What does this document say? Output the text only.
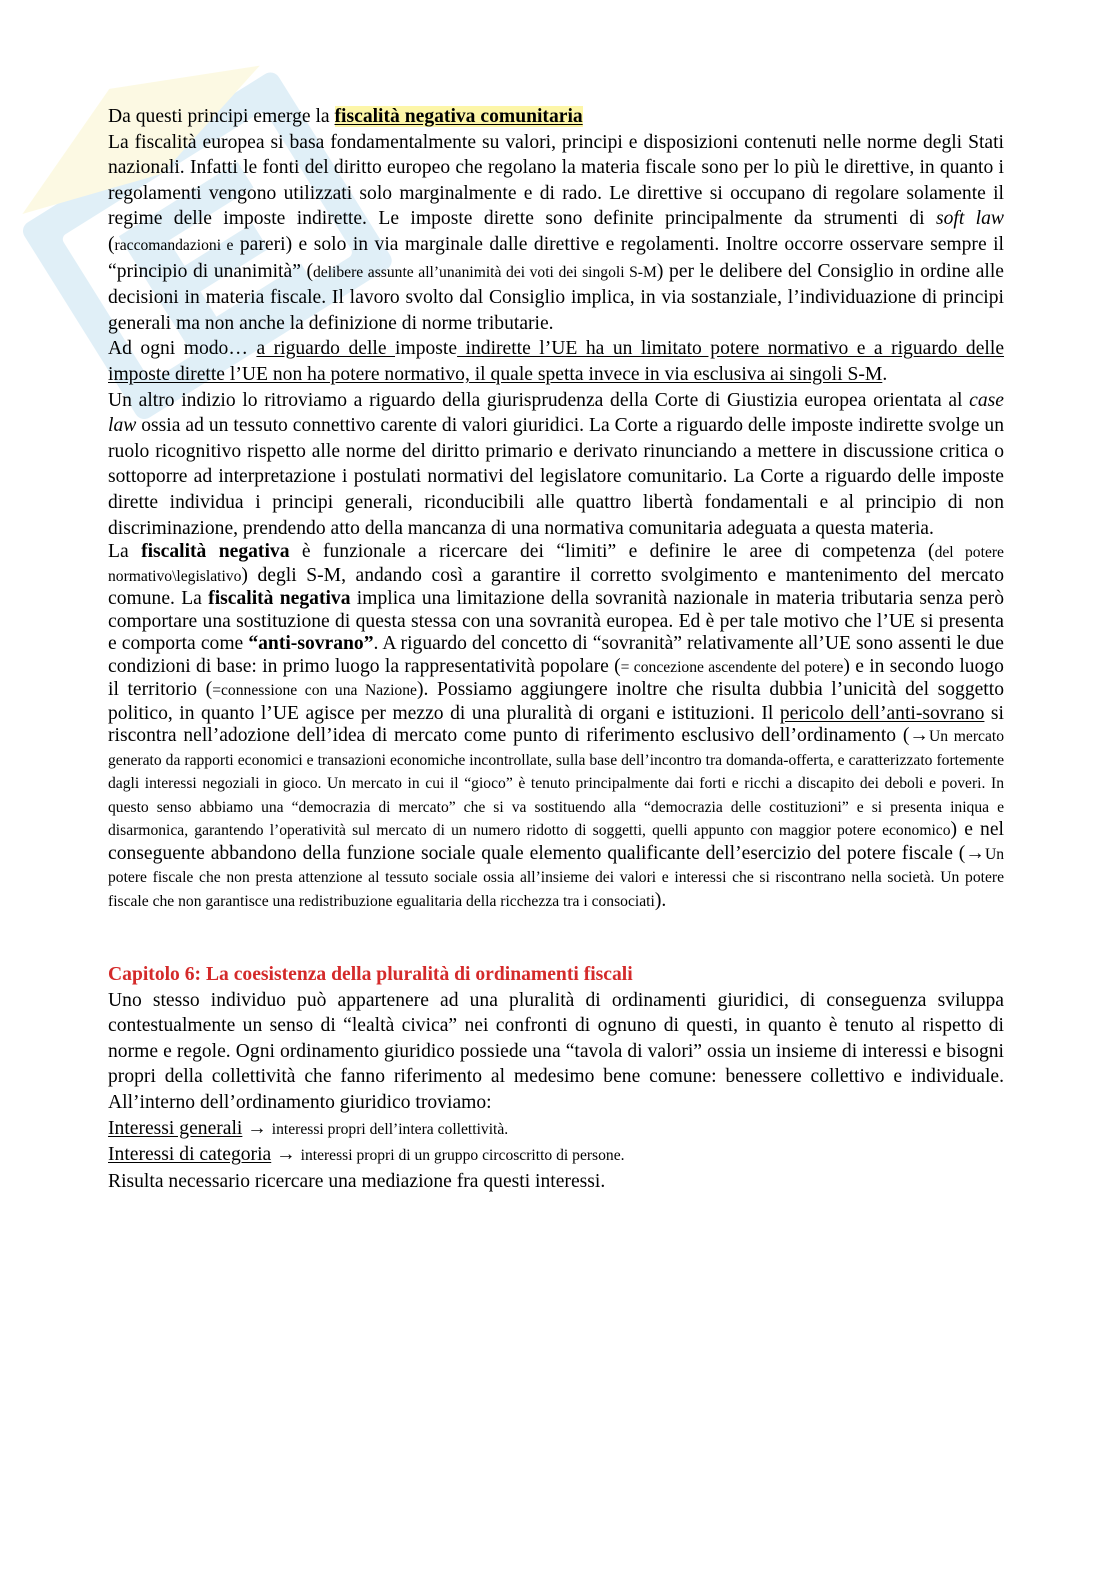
Da questi principi emerge la fiscalità negativa comunitaria

La fiscalità europea si basa fondamentalmente su valori, principi e disposizioni contenuti nelle norme degli Stati nazionali. Infatti le fonti del diritto europeo che regolano la materia fiscale sono per lo più le direttive, in quanto i regolamenti vengono utilizzati solo marginalmente e di rado. Le direttive si occupano di regolare solamente il regime delle imposte indirette. Le imposte dirette sono definite principalmente da strumenti di soft law (raccomandazioni e pareri) e solo in via marginale dalle direttive e regolamenti. Inoltre occorre osservare sempre il “principio di unanimità” (delibere assunte all’unanimità dei voti dei singoli S-M) per le delibere del Consiglio in ordine alle decisioni in materia fiscale. Il lavoro svolto dal Consiglio implica, in via sostanziale, l’individuazione di principi generali ma non anche la definizione di norme tributarie.

Ad ogni modo… a riguardo delle imposte indirette l’UE ha un limitato potere normativo e a riguardo delle imposte dirette l’UE non ha potere normativo, il quale spetta invece in via esclusiva ai singoli S-M.

Un altro indizio lo ritroviamo a riguardo della giurisprudenza della Corte di Giustizia europea orientata al case law ossia ad un tessuto connettivo carente di valori giuridici. La Corte a riguardo delle imposte indirette svolge un ruolo ricognitivo rispetto alle norme del diritto primario e derivato rinunciando a mettere in discussione critica o sottoporre ad interpretazione i postulati normativi del legislatore comunitario. La Corte a riguardo delle imposte dirette individua i principi generali, riconducibili alle quattro libertà fondamentali e al principio di non discriminazione, prendendo atto della mancanza di una normativa comunitaria adeguata a questa materia.

La fiscalità negativa è funzionale a ricercare dei “limiti” e definire le aree di competenza (del potere normativo\legislativo) degli S-M, andando così a garantire il corretto svolgimento e mantenimento del mercato comune. La fiscalità negativa implica una limitazione della sovranità nazionale in materia tributaria senza però comportare una sostituzione di questa stessa con una sovranità europea. Ed è per tale motivo che l’UE si presenta e comporta come “anti-sovrano”. A riguardo del concetto di “sovranità” relativamente all’UE sono assenti le due condizioni di base: in primo luogo la rappresentatività popolare (= concezione ascendente del potere) e in secondo luogo il territorio (=connessione con una Nazione). Possiamo aggiungere inoltre che risulta dubbia l’unicità del soggetto politico, in quanto l’UE agisce per mezzo di una pluralità di organi e istituzioni. Il pericolo dell’anti-sovrano si riscontra nell’adozione dell’idea di mercato come punto di riferimento esclusivo dell’ordinamento (→Un mercato generato da rapporti economici e transazioni economiche incontrollate, sulla base dell’incontro tra domanda-offerta, e caratterizzato fortemente dagli interessi negoziali in gioco. Un mercato in cui il “gioco” è tenuto principalmente dai forti e ricchi a discapito dei deboli e poveri. In questo senso abbiamo una “democrazia di mercato” che si va sostituendo alla “democrazia delle costituzioni” e si presenta iniqua e disarmonica, garantendo l’operatività sul mercato di un numero ridotto di soggetti, quelli appunto con maggior potere economico) e nel conseguente abbandono della funzione sociale quale elemento qualificante dell’esercizio del potere fiscale (→Un potere fiscale che non presta attenzione al tessuto sociale ossia all’insieme dei valori e interessi che si riscontrano nella società. Un potere fiscale che non garantisce una redistribuzione egualitaria della ricchezza tra i consociati).

Capitolo 6: La coesistenza della pluralità di ordinamenti fiscali

Uno stesso individuo può appartenere ad una pluralità di ordinamenti giuridici, di conseguenza sviluppa contestualmente un senso di “lealtà civica” nei confronti di ognuno di questi, in quanto è tenuto al rispetto di norme e regole. Ogni ordinamento giuridico possiede una “tavola di valori” ossia un insieme di interessi e bisogni propri della collettività che fanno riferimento al medesimo bene comune: benessere collettivo e individuale. All’interno dell’ordinamento giuridico troviamo:

Interessi generali → interessi propri dell’intera collettività.

Interessi di categoria → interessi propri di un gruppo circoscritto di persone.

Risulta necessario ricercare una mediazione fra questi interessi.
